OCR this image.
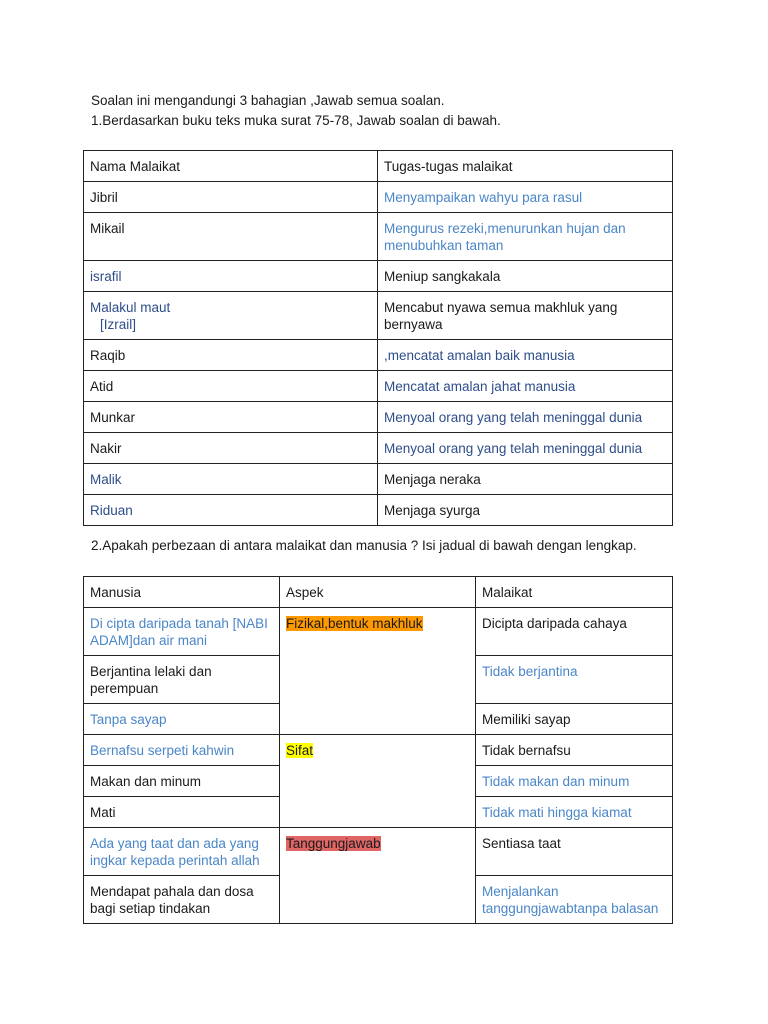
Soalan ini mengandungi 3 bahagian ,Jawab semua soalan.
1.Berdasarkan buku teks muka surat 75-78, Jawab soalan di bawah.
Nama Malaikat	Tugas-tugas malaikat
Jibril	Menyampaikan wahyu para rasul
Mikail	Mengurus rezeki,menurunkan hujan dan menubuhkan taman
israfil	Meniup sangkakala

Malakul maut
[Izrail]	Mencabut nyawa semua makhluk yang bernyawa
Raqib	,mencatat amalan baik manusia
Atid	Mencatat amalan jahat manusia
Munkar	Menyoal orang yang telah meninggal dunia
Nakir	Menyoal orang yang telah meninggal dunia
Malik	Menjaga neraka
Riduan	Menjaga syurga
2.Apakah perbezaan di antara malaikat dan manusia ? Isi jadual di bawah dengan lengkap.
Manusia	Aspek	Malaikat
Di cipta daripada tanah [NABI ADAM]dan air mani	Fizikal,bentuk makhluk	Dicipta daripada cahaya
Berjantina lelaki dan perempuan		Tidak berjantina
Tanpa sayap		Memiliki sayap
Bernafsu serpeti kahwin	Sifat	Tidak bernafsu
Makan dan minum		Tidak makan dan minum
Mati		Tidak mati hingga kiamat
Ada yang taat dan ada yang ingkar kepada perintah allah	Tanggungjawab	Sentiasa taat
Mendapat pahala dan dosa bagi setiap tindakan		Menjalankan tanggungjawabtanpa balasan
